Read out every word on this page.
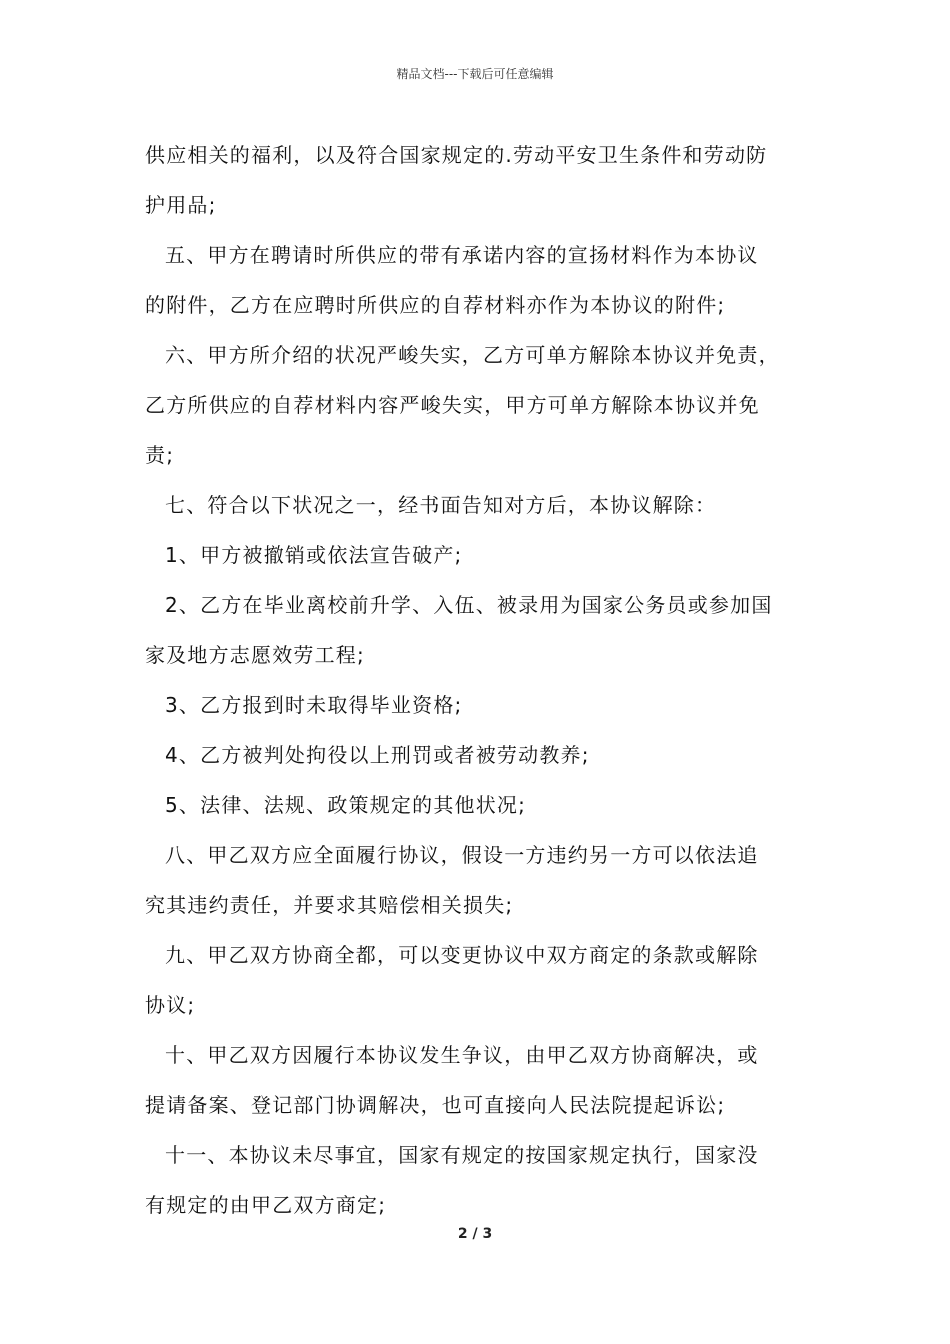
精品文档---下载后可任意编辑

供应相关的福利，以及符合国家规定的.劳动平安卫生条件和劳动防
护用品;

五、甲方在聘请时所供应的带有承诺内容的宣扬材料作为本协议

的附件，乙方在应聘时所供应的自荐材料亦作为本协议的附件;

六、甲方所介绍的状况严峻失实，乙方可单方解除本协议并免责，

乙方所供应的自荐材料内容严峻失实，甲方可单方解除本协议并免
责;

七、符合以下状况之一，经书面告知对方后，本协议解除：

1、甲方被撤销或依法宣告破产;

2、乙方在毕业离校前升学、入伍、被录用为国家公务员或参加国

家及地方志愿效劳工程;

3、乙方报到时未取得毕业资格;

4、乙方被判处拘役以上刑罚或者被劳动教养;

5、法律、法规、政策规定的其他状况;

八、甲乙双方应全面履行协议，假设一方违约另一方可以依法追

究其违约责任，并要求其赔偿相关损失;

九、甲乙双方协商全都，可以变更协议中双方商定的条款或解除

协议;

十、甲乙双方因履行本协议发生争议，由甲乙双方协商解决，或

提请备案、登记部门协调解决，也可直接向人民法院提起诉讼;

十一、本协议未尽事宜，国家有规定的按国家规定执行，国家没

有规定的由甲乙双方商定;

2 / 3
